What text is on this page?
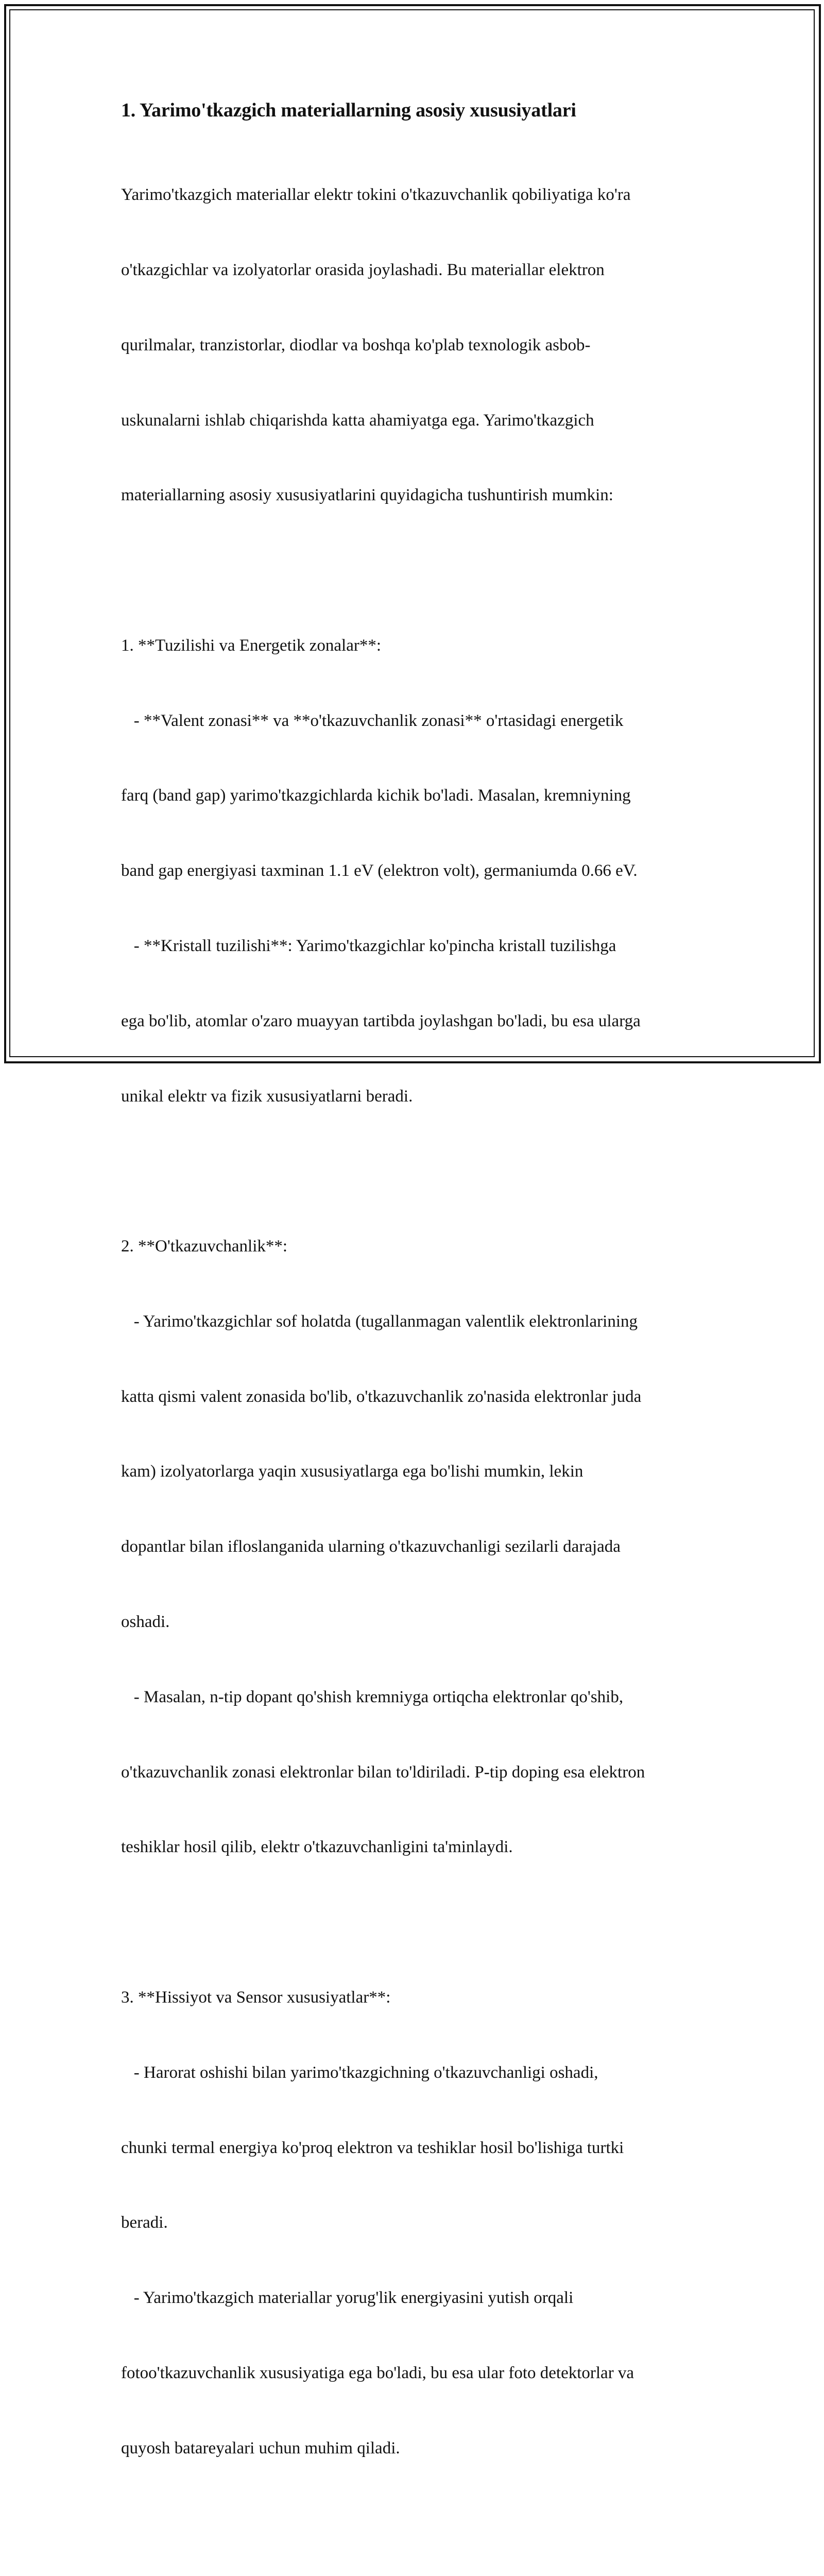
1. Yarimo'tkazgich materiallarning asosiy xususiyatlari

Yarimo'tkazgich materiallar elektr tokini o'tkazuvchanlik qobiliyatiga ko'ra

o'tkazgichlar va izolyatorlar orasida joylashadi. Bu materiallar elektron

qurilmalar, tranzistorlar, diodlar va boshqa ko'plab texnologik asbob-

uskunalarni ishlab chiqarishda katta ahamiyatga ega. Yarimo'tkazgich

materiallarning asosiy xususiyatlarini quyidagicha tushuntirish mumkin:

1. **Tuzilishi va Energetik zonalar**:

- **Valent zonasi** va **o'tkazuvchanlik zonasi** o'rtasidagi energetik

farq (band gap) yarimo'tkazgichlarda kichik bo'ladi. Masalan, kremniyning

band gap energiyasi taxminan 1.1 eV (elektron volt), germaniumda 0.66 eV.

- **Kristall tuzilishi**: Yarimo'tkazgichlar ko'pincha kristall tuzilishga

ega bo'lib, atomlar o'zaro muayyan tartibda joylashgan bo'ladi, bu esa ularga

unikal elektr va fizik xususiyatlarni beradi.

2. **O'tkazuvchanlik**:

- Yarimo'tkazgichlar sof holatda (tugallanmagan valentlik elektronlarining

katta qismi valent zonasida bo'lib, o'tkazuvchanlik zo'nasida elektronlar juda

kam) izolyatorlarga yaqin xususiyatlarga ega bo'lishi mumkin, lekin

dopantlar bilan ifloslanganida ularning o'tkazuvchanligi sezilarli darajada

oshadi.

- Masalan, n-tip dopant qo'shish kremniyga ortiqcha elektronlar qo'shib,

o'tkazuvchanlik zonasi elektronlar bilan to'ldiriladi. P-tip doping esa elektron

teshiklar hosil qilib, elektr o'tkazuvchanligini ta'minlaydi.

3. **Hissiyot va Sensor xususiyatlar**:

- Harorat oshishi bilan yarimo'tkazgichning o'tkazuvchanligi oshadi,

chunki termal energiya ko'proq elektron va teshiklar hosil bo'lishiga turtki

beradi.

- Yarimo'tkazgich materiallar yorug'lik energiyasini yutish orqali

fotoo'tkazuvchanlik xususiyatiga ega bo'ladi, bu esa ular foto detektorlar va

quyosh batareyalari uchun muhim qiladi.
